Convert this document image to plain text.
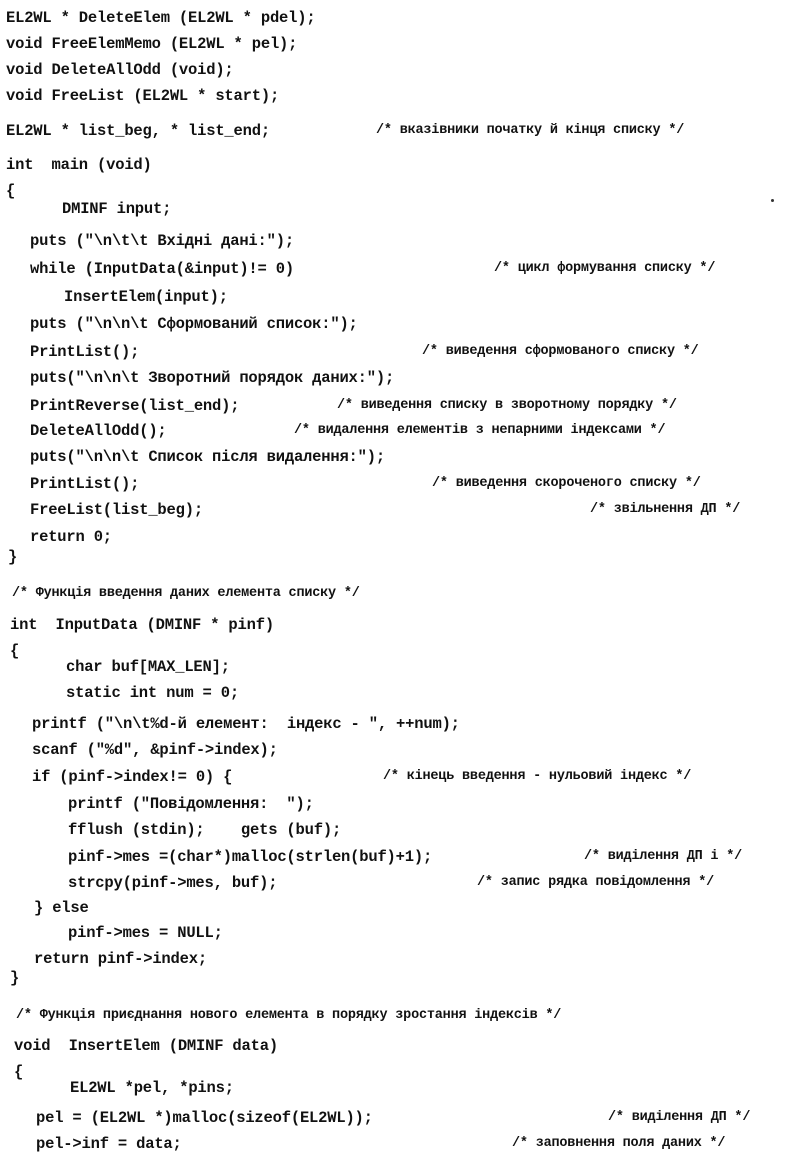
EL2WL * DeleteElem (EL2WL * pdel);
void FreeElemMemo (EL2WL * pel);
void DeleteAllOdd (void);
void FreeList (EL2WL * start);
EL2WL * list_beg, * list_end;	/* вказівники початку й кінця списку */
int  main (void)
{
DMINF input;
puts ("\n\t\t Вхідні дані:");
while (InputData(&input)!= 0)	/* цикл формування списку */
InsertElem(input);
puts ("\n\n\t Сформований список:");
PrintList();	/* виведення сформованого списку */
puts("\n\n\t Зворотний порядок даних:");
PrintReverse(list_end);	/* виведення списку в зворотному порядку */
DeleteAllOdd();	/* видалення елементів з непарними індексами */
puts("\n\n\t Список після видалення:");
PrintList();	/* виведення скороченого списку */
FreeList(list_beg);	/* звільнення ДП */
return 0;
}
/* Функція введення даних елемента списку */
int  InputData (DMINF * pinf)
{
char buf[MAX_LEN];
static int num = 0;
printf ("\n\t%d-й елемент:  індекс - ", ++num);
scanf ("%d", &pinf->index);
if (pinf->index!= 0) {	/* кінець введення - нульовий індекс */
printf ("Повідомлення:  ");
fflush (stdin);    gets (buf);
pinf->mes =(char*)malloc(strlen(buf)+1);	/* виділення ДП і */
strcpy(pinf->mes, buf);	/* запис рядка повідомлення */
} else
pinf->mes = NULL;
return pinf->index;
}
/* Функція приєднання нового елемента в порядку зростання індексів */
void  InsertElem (DMINF data)
{
EL2WL *pel, *pins;
pel = (EL2WL *)malloc(sizeof(EL2WL));	/* виділення ДП */
pel->inf = data;	/* заповнення поля даних */
